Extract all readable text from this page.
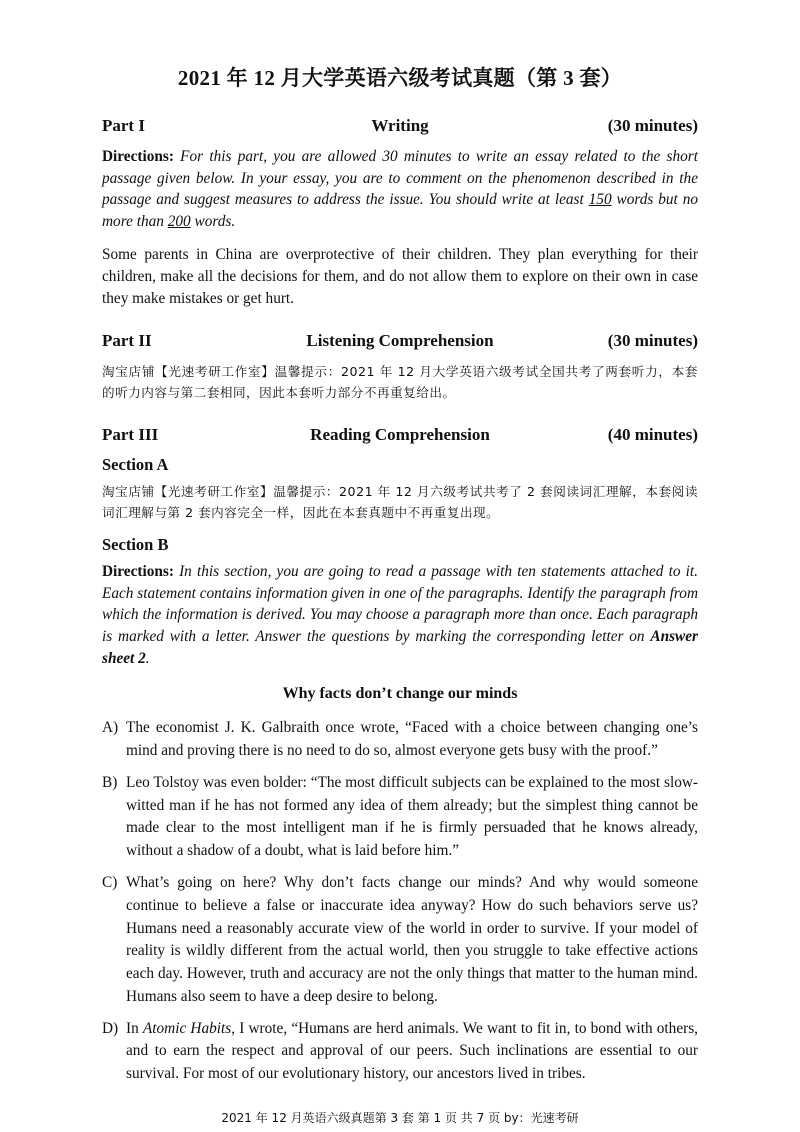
2021 年 12 月大学英语六级考试真题（第 3 套）
Part I	Writing	(30 minutes)

Directions: For this part, you are allowed 30 minutes to write an essay related to the short passage given below. In your essay, you are to comment on the phenomenon described in the passage and suggest measures to address the issue. You should write at least 150 words but no more than 200 words.

Some parents in China are overprotective of their children. They plan everything for their children, make all the decisions for them, and do not allow them to explore on their own in case they make mistakes or get hurt.

Part II	Listening Comprehension	(30 minutes)

淘宝店铺【光速考研工作室】温馨提示：2021 年 12 月大学英语六级考试全国共考了两套听力，本套的听力内容与第二套相同，因此本套听力部分不再重复给出。

Part III	Reading Comprehension	(40 minutes)
Section A

淘宝店铺【光速考研工作室】温馨提示：2021 年 12 月六级考试共考了 2 套阅读词汇理解，本套阅读词汇理解与第 2 套内容完全一样，因此在本套真题中不再重复出现。

Section B

Directions: In this section, you are going to read a passage with ten statements attached to it. Each statement contains information given in one of the paragraphs. Identify the paragraph from which the information is derived. You may choose a paragraph more than once. Each paragraph is marked with a letter. Answer the questions by marking the corresponding letter on Answer sheet 2.

Why facts don’t change our minds
A) The economist J. K. Galbraith once wrote, “Faced with a choice between changing one’s mind and proving there is no need to do so, almost everyone gets busy with the proof.”
B) Leo Tolstoy was even bolder: “The most difficult subjects can be explained to the most slow-witted man if he has not formed any idea of them already; but the simplest thing cannot be made clear to the most intelligent man if he is firmly persuaded that he knows already, without a shadow of a doubt, what is laid before him.”
C) What’s going on here? Why don’t facts change our minds? And why would someone continue to believe a false or inaccurate idea anyway? How do such behaviors serve us? Humans need a reasonably accurate view of the world in order to survive. If your model of reality is wildly different from the actual world, then you struggle to take effective actions each day. However, truth and accuracy are not the only things that matter to the human mind. Humans also seem to have a deep desire to belong.
D) In Atomic Habits, I wrote, “Humans are herd animals. We want to fit in, to bond with others, and to earn the respect and approval of our peers. Such inclinations are essential to our survival. For most of our evolutionary history, our ancestors lived in tribes.
2021 年 12 月英语六级真题第 3 套 第 1 页 共 7 页 by：光速考研
